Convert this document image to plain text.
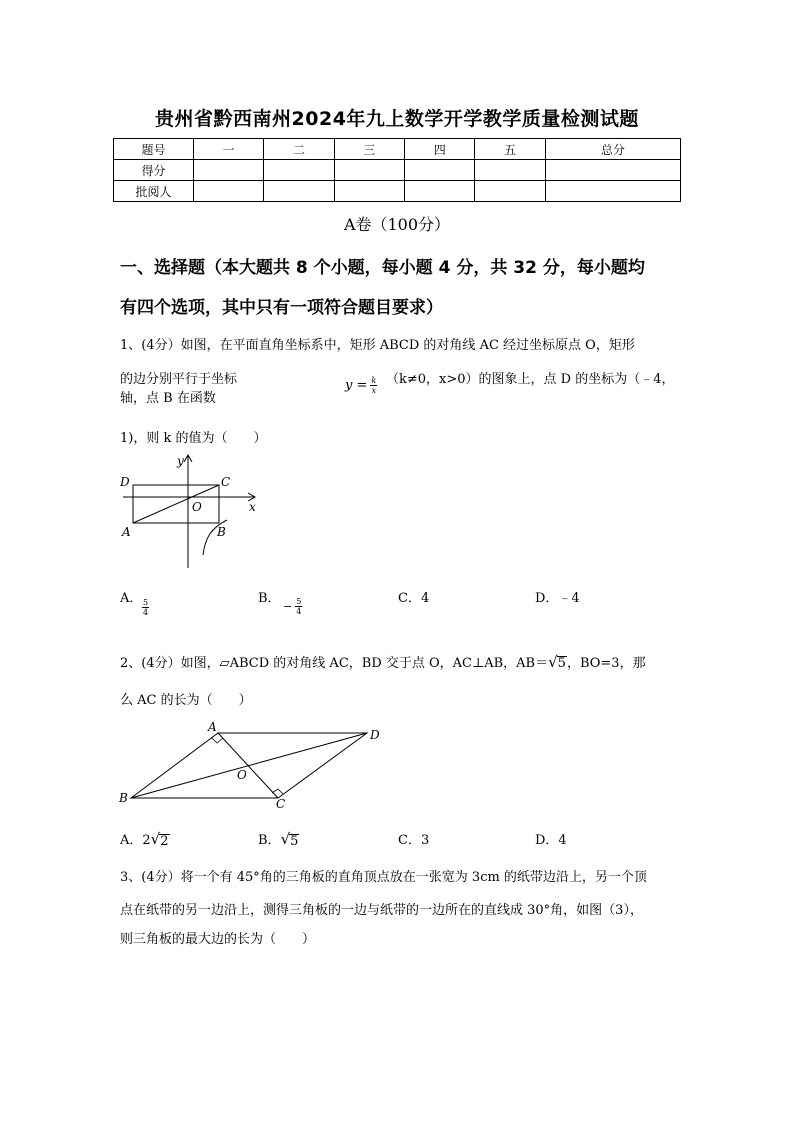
贵州省黔西南州2024年九上数学开学教学质量检测试题
题号	一	二	三	四	五	总分
得分						
批阅人						
A卷（100分）
一、选择题（本大题共 8 个小题，每小题 4 分，共 32 分，每小题均
有四个选项，其中只有一项符合题目要求）
1、(4分）如图，在平面直角坐标系中，矩形 ABCD 的对角线 AC 经过坐标原点 O，矩形
的边分别平行于坐标轴，点 B 在函数
$y = \frac{k}{x} (k\ne 0$，x>0）的图象上，点 D 的坐标为（﹣4，
1)，则 k 的值为（　　）
y
x
D	C
O
A	B
A． $\frac{5}{4}$	B．
− $\frac{5}{4}$	C．4	D．﹣4
2、(4分）如图，▱ABCD 的对角线 AC，BD 交于点 O，AC⊥AB，AB＝ √5 ，BO=3，那
么 AC 的长为（　　）
A
B	C
D
O
A．2 √ 2	B． √ 5	C．3	D．4
3、(4分）将一个有 45°角的三角板的直角顶点放在一张宽为 3cm 的纸带边沿上，另一个顶
点在纸带的另一边沿上，测得三角板的一边与纸带的一边所在的直线成 30°角，如图（3），
则三角板的最大边的长为（　　）
